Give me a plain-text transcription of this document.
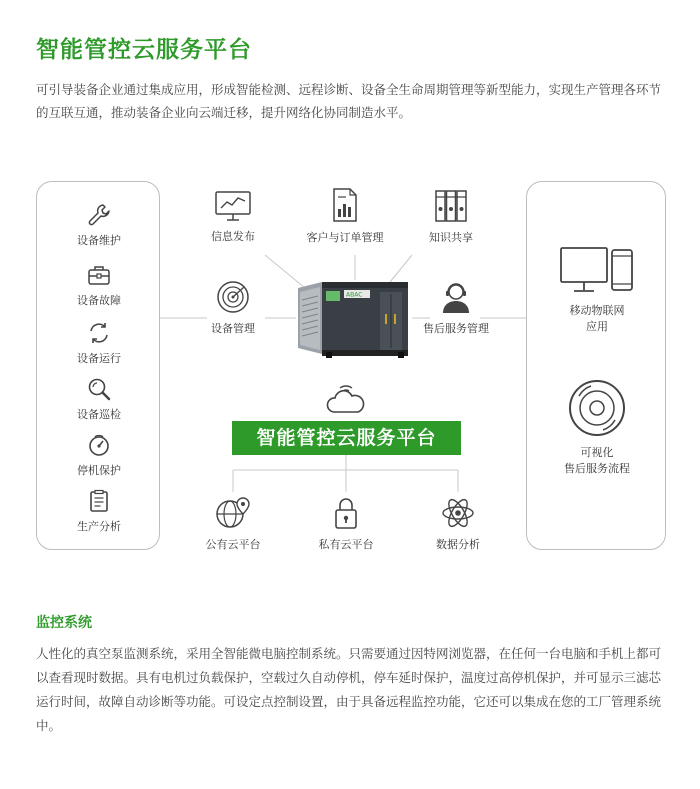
智能管控云服务平台
可引导装备企业通过集成应用，形成智能检测、远程诊断、设备全生命周期管理等新型能力，实现生产管理各环节的互联互通，推动装备企业向云端迁移，提升网络化协同制造水平。
设备维护
设备故障
设备运行
设备巡检
停机保护
生产分析
信息发布	客户与订单管理	知识共享
设备管理	售后服务管理
ABAC
智能管控云服务平台
公有云平台	私有云平台	数据分析
移动物联网
应用
可视化
售后服务流程
监控系统
人性化的真空泵监测系统，采用全智能微电脑控制系统。只需要通过因特网浏览器，在任何一台电脑和手机上都可以查看现时数据。具有电机过负载保护，空载过久自动停机，停车延时保护，温度过高停机保护，并可显示三滤芯运行时间，故障自动诊断等功能。可设定点控制设置，由于具备远程监控功能，它还可以集成在您的工厂管理系统中。
